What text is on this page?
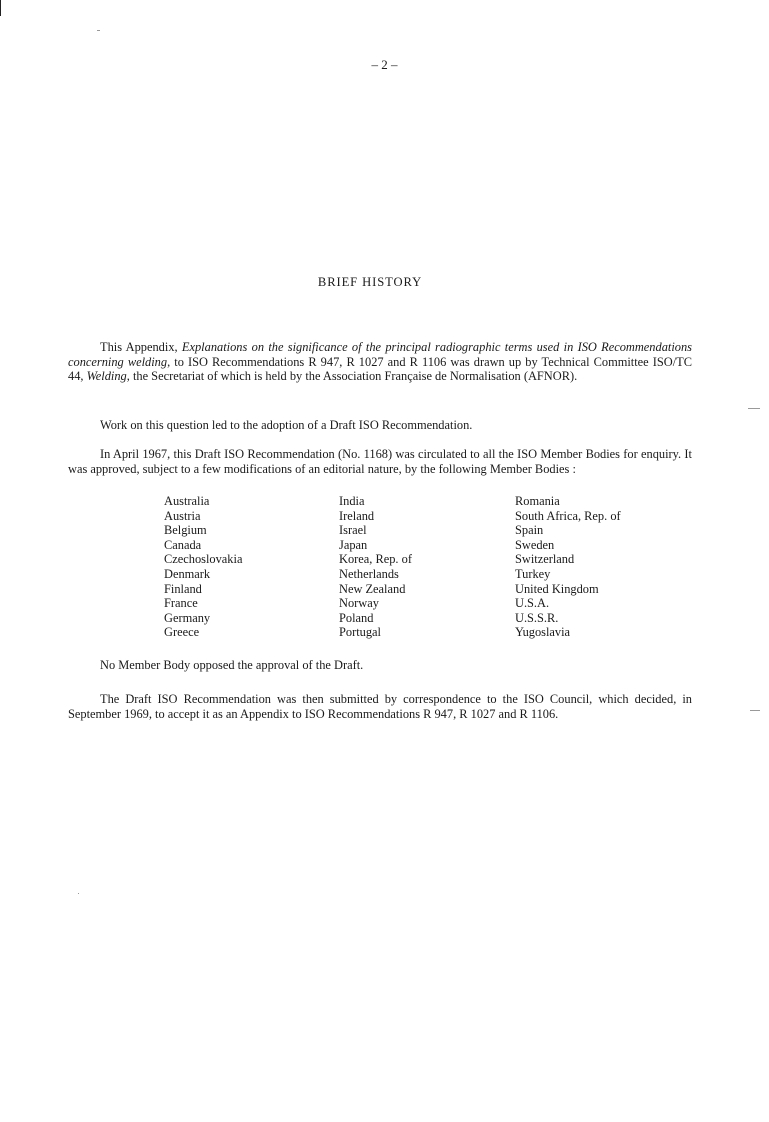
– 2 –
BRIEF HISTORY

This Appendix, Explanations on the significance of the principal radiographic terms used in ISO Recommendations concerning welding, to ISO Recommendations R 947, R 1027 and R 1106 was drawn up by Technical Committee ISO/TC 44, Welding, the Secretariat of which is held by the Association Française de Normalisation (AFNOR).

Work on this question led to the adoption of a Draft ISO Recommendation.

In April 1967, this Draft ISO Recommendation (No. 1168) was circulated to all the ISO Member Bodies for enquiry. It was approved, subject to a few modifications of an editorial nature, by the following Member Bodies :

Australia
Austria
Belgium
Canada
Czechoslovakia
Denmark
Finland
France
Germany
Greece
India
Ireland
Israel
Japan
Korea, Rep. of
Netherlands
New Zealand
Norway
Poland
Portugal
Romania
South Africa, Rep. of
Spain
Sweden
Switzerland
Turkey
United Kingdom
U.S.A.
U.S.S.R.
Yugoslavia

No Member Body opposed the approval of the Draft.

The Draft ISO Recommendation was then submitted by correspondence to the ISO Council, which decided, in September 1969, to accept it as an Appendix to ISO Recommendations R 947, R 1027 and R 1106.
